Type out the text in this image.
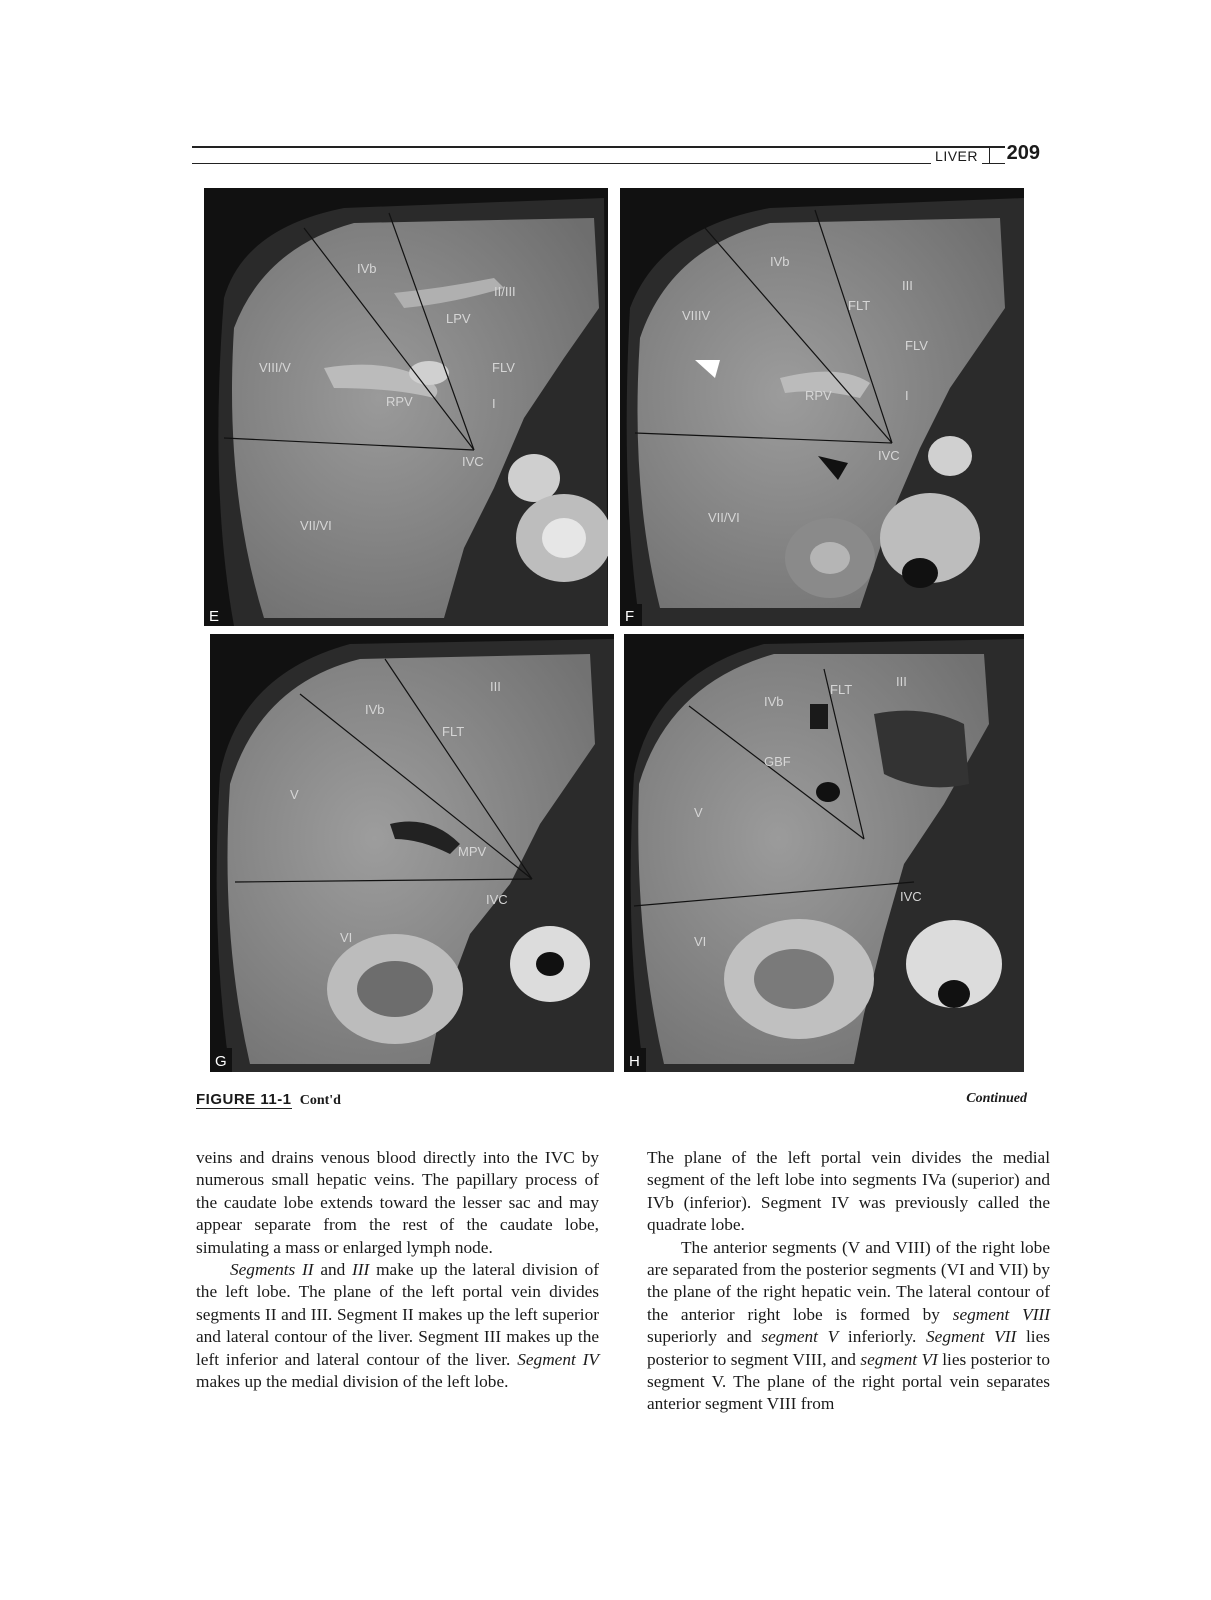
LIVER 209
IVb
II/III
LPV
VIII/V	FLV
RPV	I
IVC
VII/VI
E
IVb
III
FLT
VIIIV
FLV
RPV	I
IVC
VII/VI
F
III
IVb
FLT
V
MPV
IVC
VI
G
IVb
FLT
III
GBF
V
IVC
VI
H
FIGURE 11-1 Cont'd	Continued

veins and drains venous blood directly into the IVC by numerous small hepatic veins. The papillary process of the caudate lobe extends toward the lesser sac and may appear separate from the rest of the caudate lobe, simulating a mass or enlarged lymph node.

Segments II and III make up the lateral division of the left lobe. The plane of the left portal vein divides segments II and III. Segment II makes up the left superior and lateral contour of the liver. Segment III makes up the left inferior and lateral contour of the liver. Segment IV makes up the medial division of the left lobe.

The plane of the left portal vein divides the medial segment of the left lobe into segments IVa (superior) and IVb (inferior). Segment IV was previously called the quadrate lobe.

The anterior segments (V and VIII) of the right lobe are separated from the posterior segments (VI and VII) by the plane of the right hepatic vein. The lateral contour of the anterior right lobe is formed by segment VIII superiorly and segment V inferiorly. Segment VII lies posterior to segment VIII, and segment VI lies posterior to segment V. The plane of the right portal vein separates anterior segment VIII from
